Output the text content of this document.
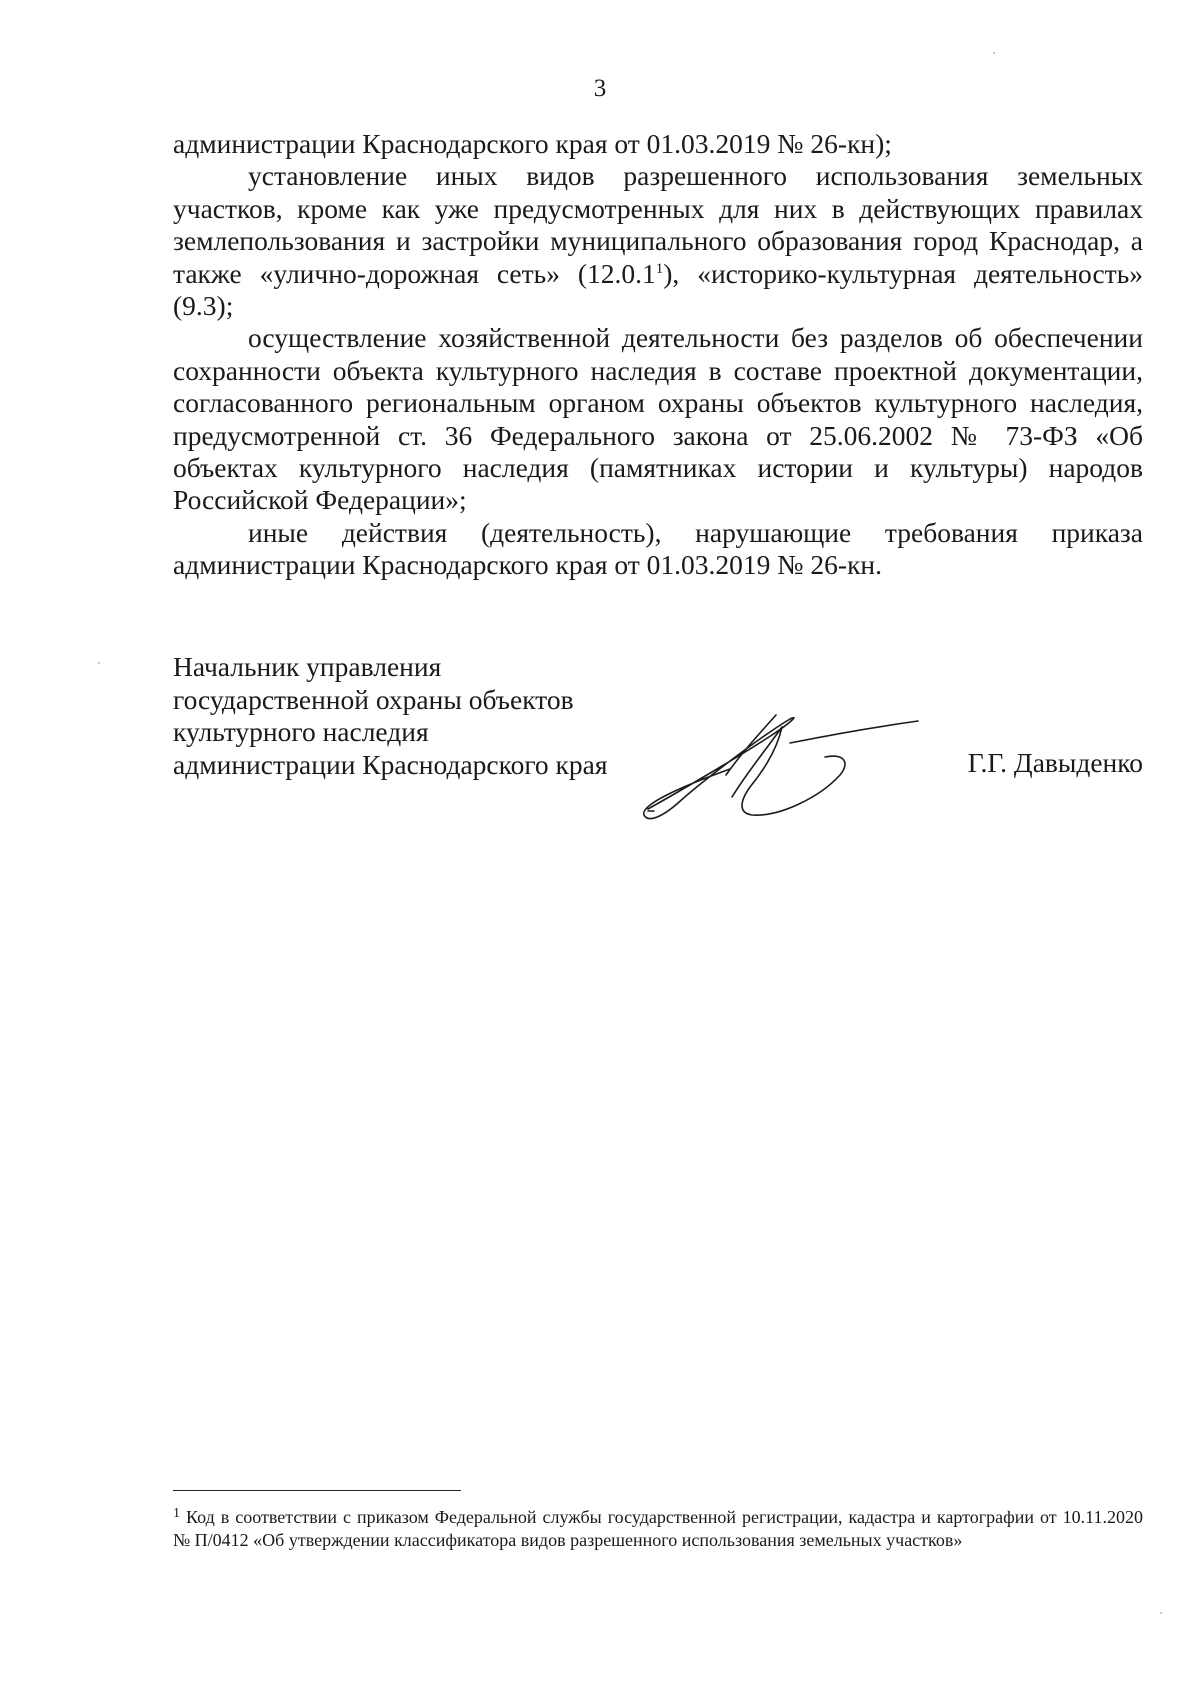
3

администрации Краснодарского края от 01.03.2019 № 26-кн);

установление иных видов разрешенного использования земельных участков, кроме как уже предусмотренных для них в действующих правилах землепользования и застройки муниципального образования город Краснодар, а также «улично-дорожная сеть» (12.0.1$^1$), «историко-культурная деятельность» (9.3);

осуществление хозяйственной деятельности без разделов об обеспечении сохранности объекта культурного наследия в составе проектной документации, согласованного региональным органом охраны объектов культурного наследия, предусмотренной ст. 36 Федерального закона от 25.06.2002 № 73-ФЗ «Об объектах культурного наследия (памятниках истории и культуры) народов Российской Федерации»;

иные действия (деятельность), нарушающие требования приказа администрации Краснодарского края от 01.03.2019 № 26-кн.

Начальник управления
государственной охраны объектов
культурного наследия
администрации Краснодарского края	Г.Г. Давыденко
$^1$ Код в соответствии с приказом Федеральной службы государственной регистрации, кадастра и картографии от 10.11.2020 № П/0412 «Об утверждении классификатора видов разрешенного использования земельных участков»
